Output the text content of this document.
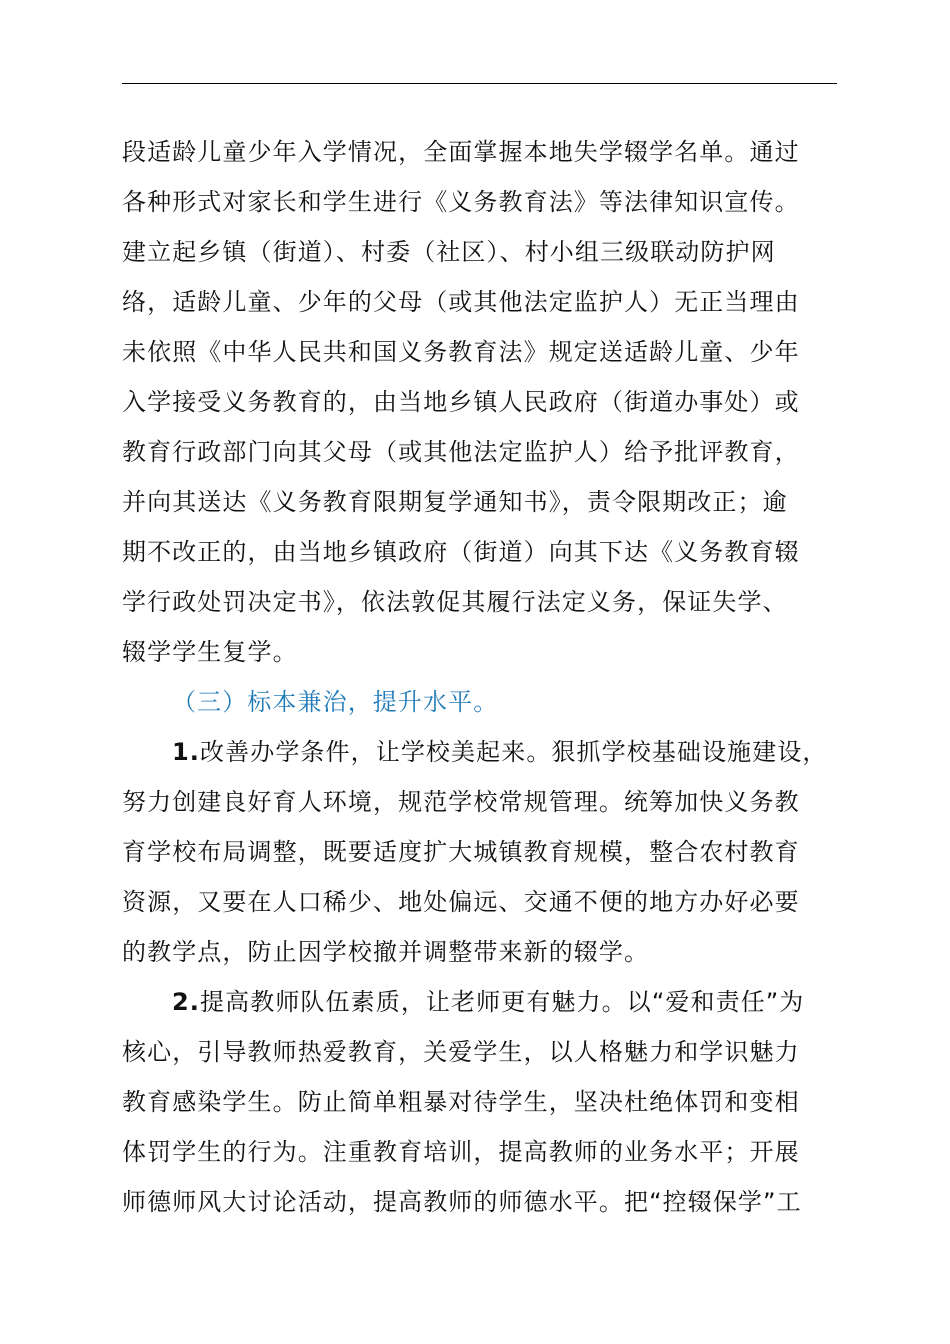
段适龄儿童少年入学情况，全面掌握本地失学辍学名单。通过
各种形式对家长和学生进行《义务教育法》等法律知识宣传。
建立起乡镇（街道）、村委（社区）、村小组三级联动防护网
络，适龄儿童、少年的父母（或其他法定监护人）无正当理由
未依照《中华人民共和国义务教育法》规定送适龄儿童、少年
入学接受义务教育的，由当地乡镇人民政府（街道办事处）或
教育行政部门向其父母（或其他法定监护人）给予批评教育，
并向其送达《义务教育限期复学通知书》，责令限期改正；逾
期不改正的，由当地乡镇政府（街道）向其下达《义务教育辍
学行政处罚决定书》，依法敦促其履行法定义务，保证失学、
辍学学生复学。
（三）标本兼治，提升水平。
1.改善办学条件，让学校美起来。狠抓学校基础设施建设，
努力创建良好育人环境，规范学校常规管理。统筹加快义务教
育学校布局调整，既要适度扩大城镇教育规模，整合农村教育
资源，又要在人口稀少、地处偏远、交通不便的地方办好必要
的教学点，防止因学校撤并调整带来新的辍学。
2.提高教师队伍素质，让老师更有魅力。以“爱和责任”为
核心，引导教师热爱教育，关爱学生，以人格魅力和学识魅力
教育感染学生。防止简单粗暴对待学生，坚决杜绝体罚和变相
体罚学生的行为。注重教育培训，提高教师的业务水平；开展
师德师风大讨论活动，提高教师的师德水平。把“控辍保学”工
